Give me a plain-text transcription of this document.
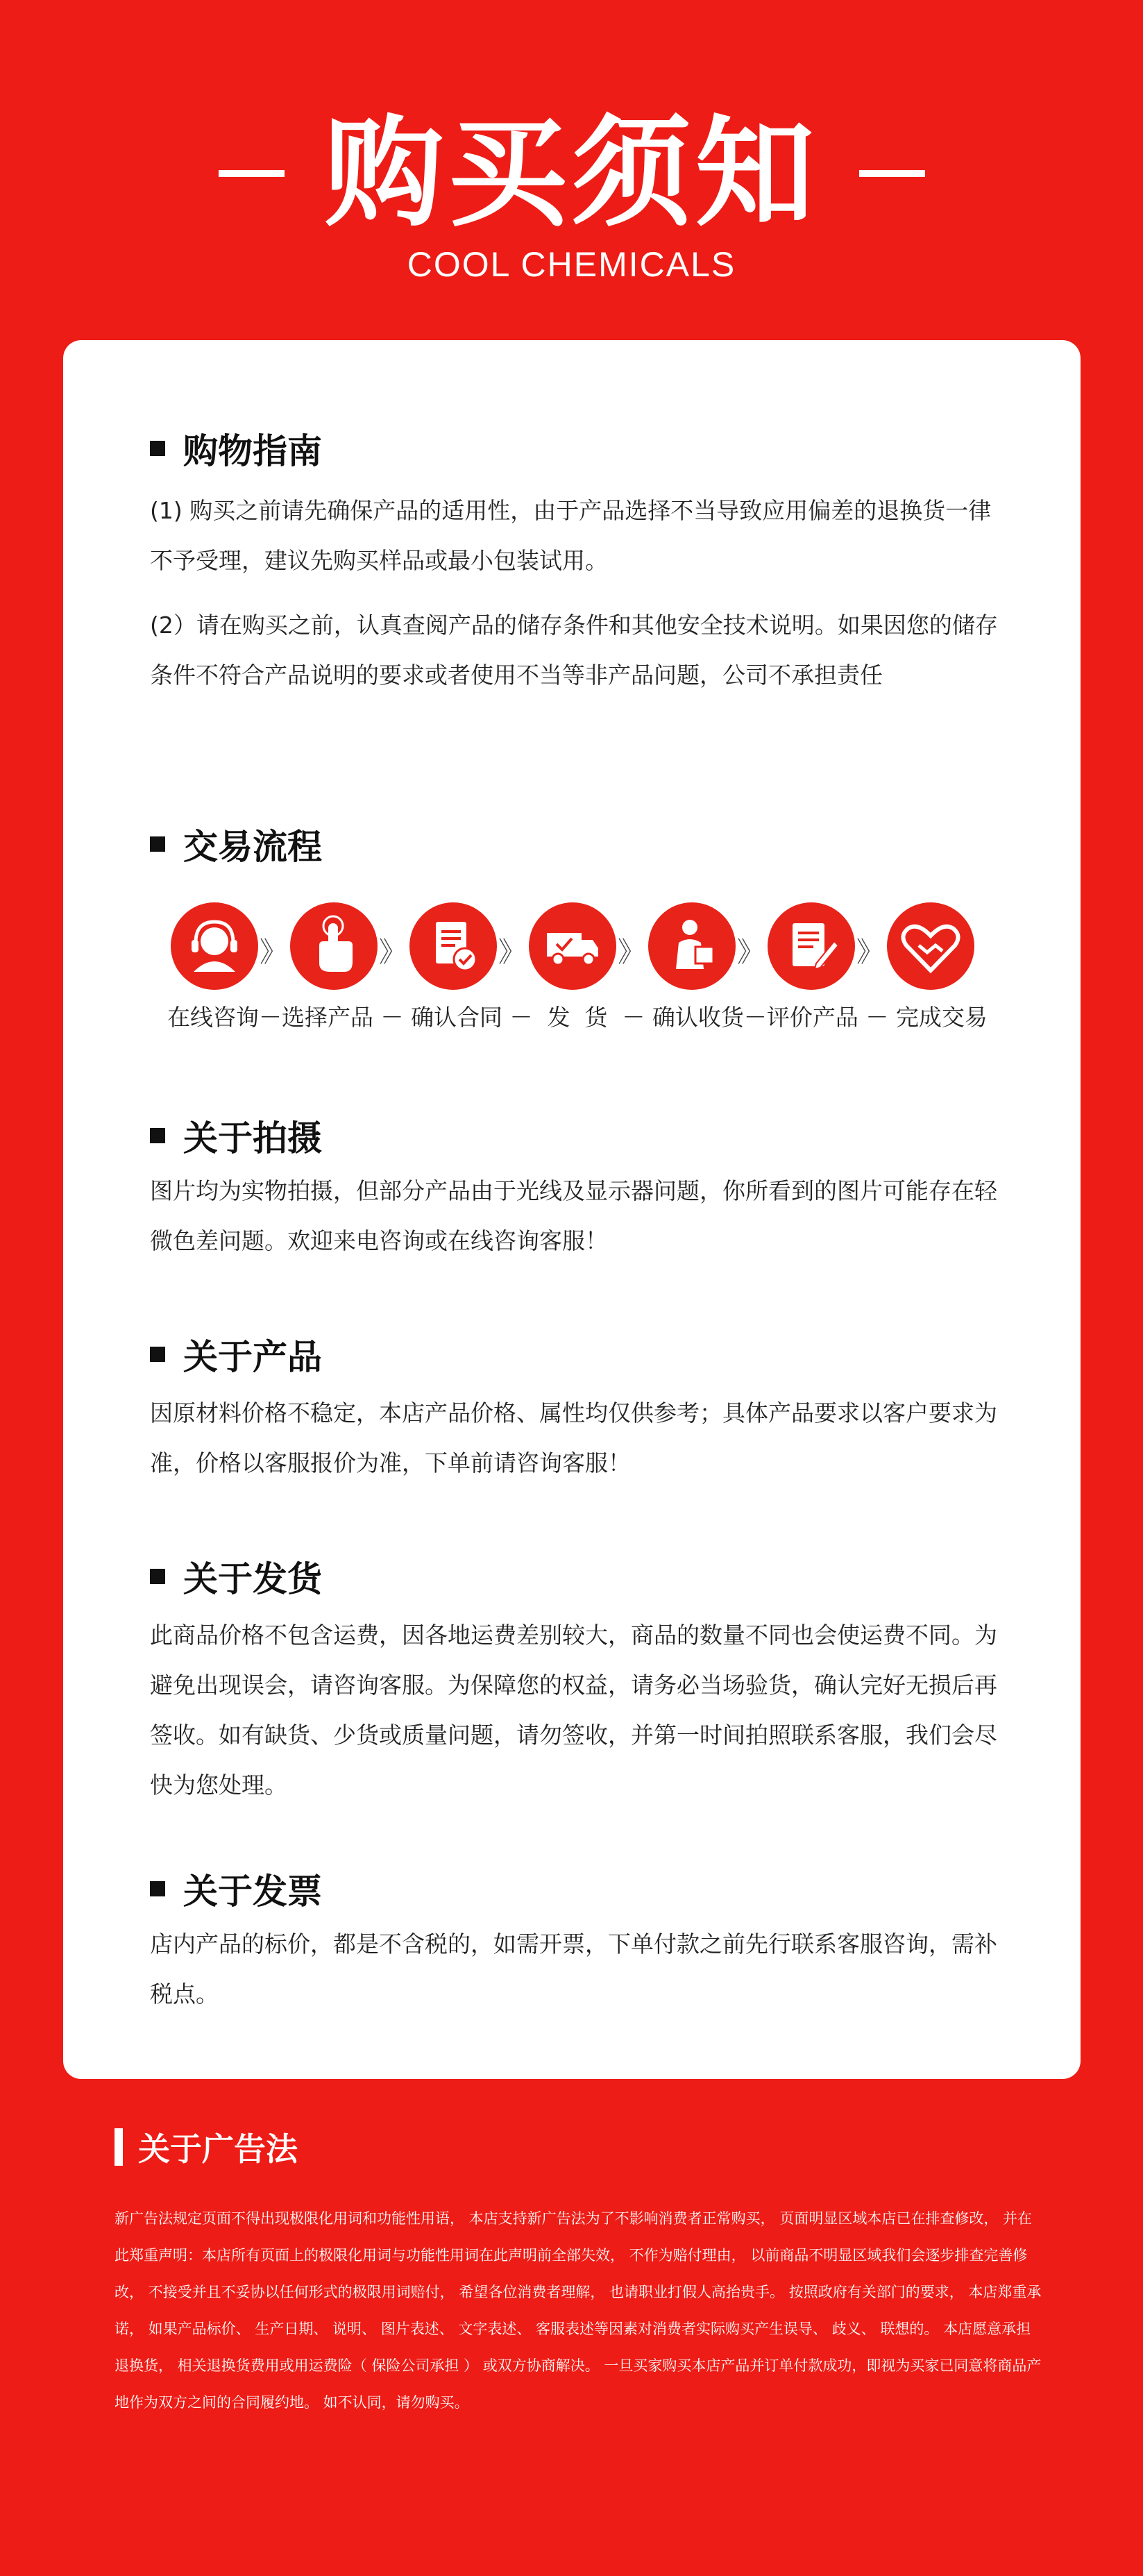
购买须知
COOL CHEMICALS
购物指南
(1) 购买之前请先确保产品的适用性，由于产品选择不当导致应用偏差的退换货一律不予受理，建议先购买样品或最小包装试用。
(2）请在购买之前，认真查阅产品的储存条件和其他安全技术说明。如果因您的储存条件不符合产品说明的要求或者使用不当等非产品问题，公司不承担责任
交易流程
》	》	》	》	》	》
在线咨询－选择产品 － 确认合同 －  发  货  － 确认收货－评价产品 － 完成交易
关于拍摄
图片均为实物拍摄，但部分产品由于光线及显示器问题，你所看到的图片可能存在轻微色差问题。欢迎来电咨询或在线咨询客服！
关于产品
因原材料价格不稳定，本店产品价格、属性均仅供参考；具体产品要求以客户要求为准，价格以客服报价为准，下单前请咨询客服！
关于发货
此商品价格不包含运费，因各地运费差别较大，商品的数量不同也会使运费不同。为避免出现误会，请咨询客服。为保障您的权益，请务必当场验货，确认完好无损后再签收。如有缺货、少货或质量问题，请勿签收，并第一时间拍照联系客服，我们会尽快为您处理。
关于发票
店内产品的标价，都是不含税的，如需开票，下单付款之前先行联系客服咨询，需补税点。
关于广告法
新广告法规定页面不得出现极限化用词和功能性用语， 本店支持新广告法为了不影响消费者正常购买， 页面明显区域本店已在排查修改， 并在此郑重声明：本店所有页面上的极限化用词与功能性用词在此声明前全部失效， 不作为赔付理由， 以前商品不明显区域我们会逐步排查完善修改， 不接受并且不妥协以任何形式的极限用词赔付， 希望各位消费者理解， 也请职业打假人高抬贵手。 按照政府有关部门的要求， 本店郑重承诺， 如果产品标价、 生产日期、 说明、 图片表述、 文字表述、 客服表述等因素对消费者实际购买产生误导、 歧义、 联想的。 本店愿意承担退换货， 相关退换货费用或用运费险（ 保险公司承担 ） 或双方协商解决。 一旦买家购买本店产品并订单付款成功，即视为买家已同意将商品产地作为双方之间的合同履约地。 如不认同，请勿购买。
